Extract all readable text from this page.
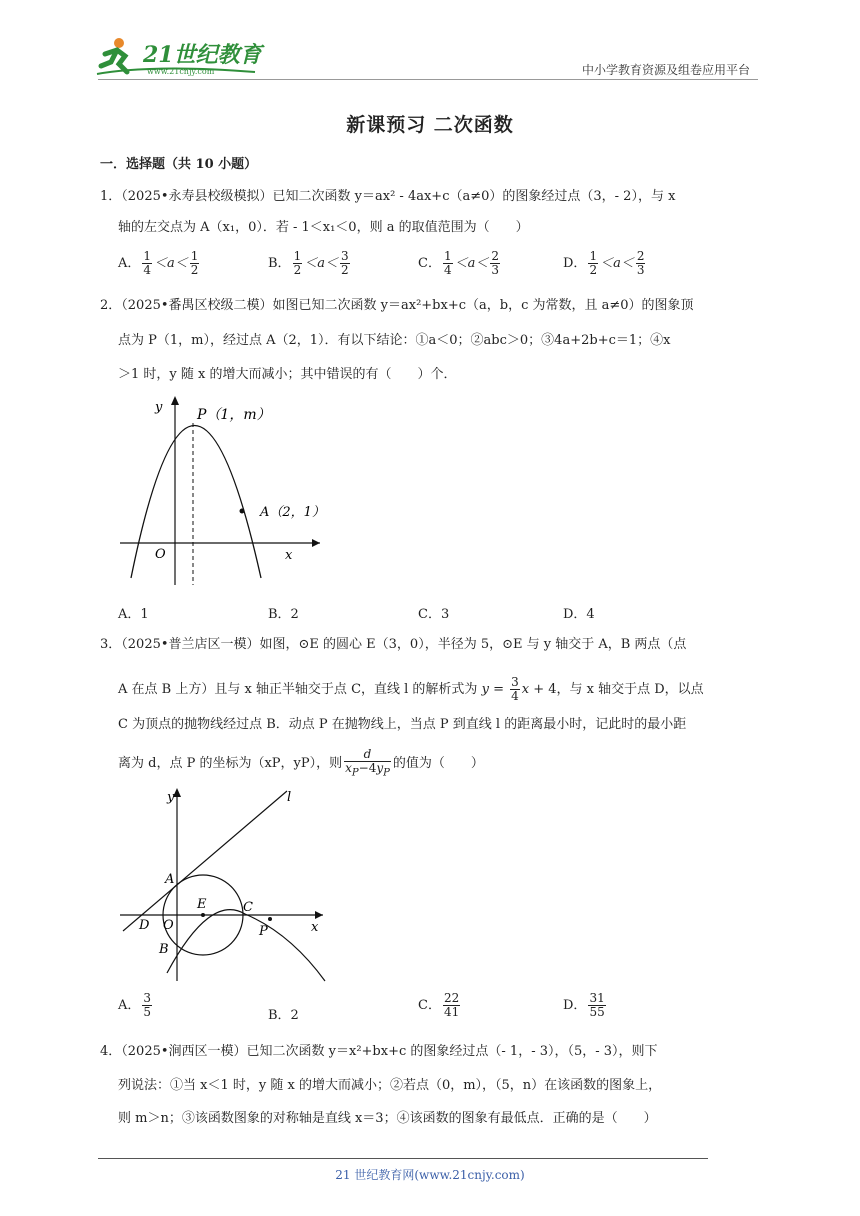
21世纪教育
www.21cnjy.com	中小学教育资源及组卷应用平台
新课预习 二次函数
一．选择题（共 10 小题）
1．（2025•永寿县校级模拟）已知二次函数 y＝ax² - 4ax+c（a≠0）的图象经过点（3，- 2），与 x
轴的左交点为 A（x₁，0）．若 - 1＜x₁＜0，则 a 的取值范围为（　　）
A． $\frac{1}{4} <a< \frac{1}{2}$	B． $\frac{1}{2} <a< \frac{3}{2}$	C． $\frac{1}{4} <a< \frac{2}{3}$	D． $\frac{1}{2} <a< \frac{2}{3}$
2．（2025•番禺区校级二模）如图已知二次函数 y＝ax²+bx+c（a，b，c 为常数，且 a≠0）的图象顶
点为 P（1，m），经过点 A（2，1）．有以下结论：①a＜0；②abc＞0；③4a+2b+c＝1；④x
＞1 时，y 随 x 的增大而减小；其中错误的有（　　）个．
y P（1，m）
A（2，1）
O	x
A．1	B．2	C．3	D．4
3．（2025•普兰店区一模）如图，⊙E 的圆心 E（3，0），半径为 5，⊙E 与 y 轴交于 A，B 两点（点
A 在点 B 上方）且与 x 轴正半轴交于点 C，直线 l 的解析式为 $y = \frac{3}{4}$ x + 4，与 x 轴交于点 D，以点
C 为顶点的抛物线经过点 B．动点 P 在抛物线上，当点 P 到直线 l 的距离最小时，记此时的最小距
离为 d，点 P 的坐标为（xP，yP），则 $\frac{d}{x_P-4y_P}$ 的值为（　　）
y	l
A
E	C
D O	P
B
x
A． $\frac{3}{5}$	B．2
C． $\frac{22}{41}$	D． $\frac{31}{55}$
4．（2025•涧西区一模）已知二次函数 y＝x²+bx+c 的图象经过点（- 1，- 3），（5，- 3），则下
列说法：①当 x＜1 时，y 随 x 的增大而减小；②若点（0，m），（5，n）在该函数的图象上，
则 m＞n；③该函数图象的对称轴是直线 x＝3；④该函数的图象有最低点．正确的是（　　）
21 世纪教育网(www.21cnjy.com)
